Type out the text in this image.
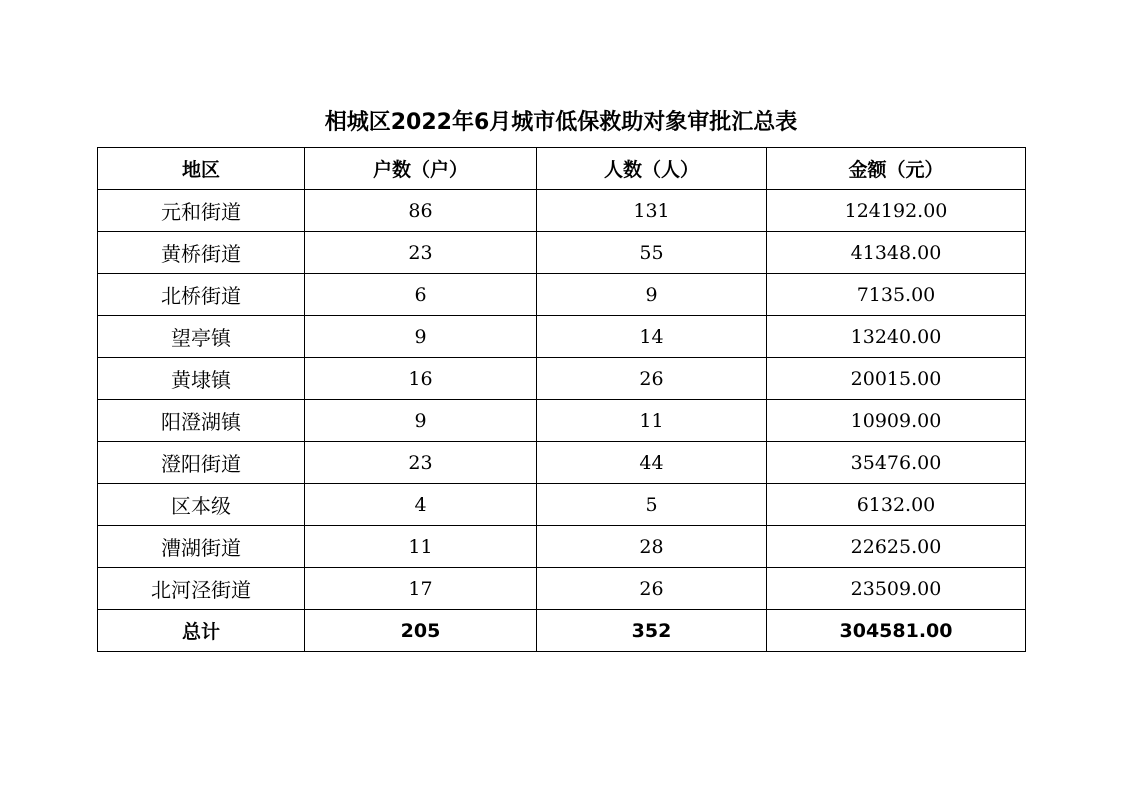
相城区2022年6月城市低保救助对象审批汇总表
地区	户数（户）	人数（人）	金额（元）
元和街道	86	131	124192.00
黄桥街道	23	55	41348.00
北桥街道	6	9	7135.00
望亭镇	9	14	13240.00
黄埭镇	16	26	20015.00
阳澄湖镇	9	11	10909.00
澄阳街道	23	44	35476.00
区本级	4	5	6132.00
漕湖街道	11	28	22625.00
北河泾街道	17	26	23509.00
总计	205	352	304581.00
